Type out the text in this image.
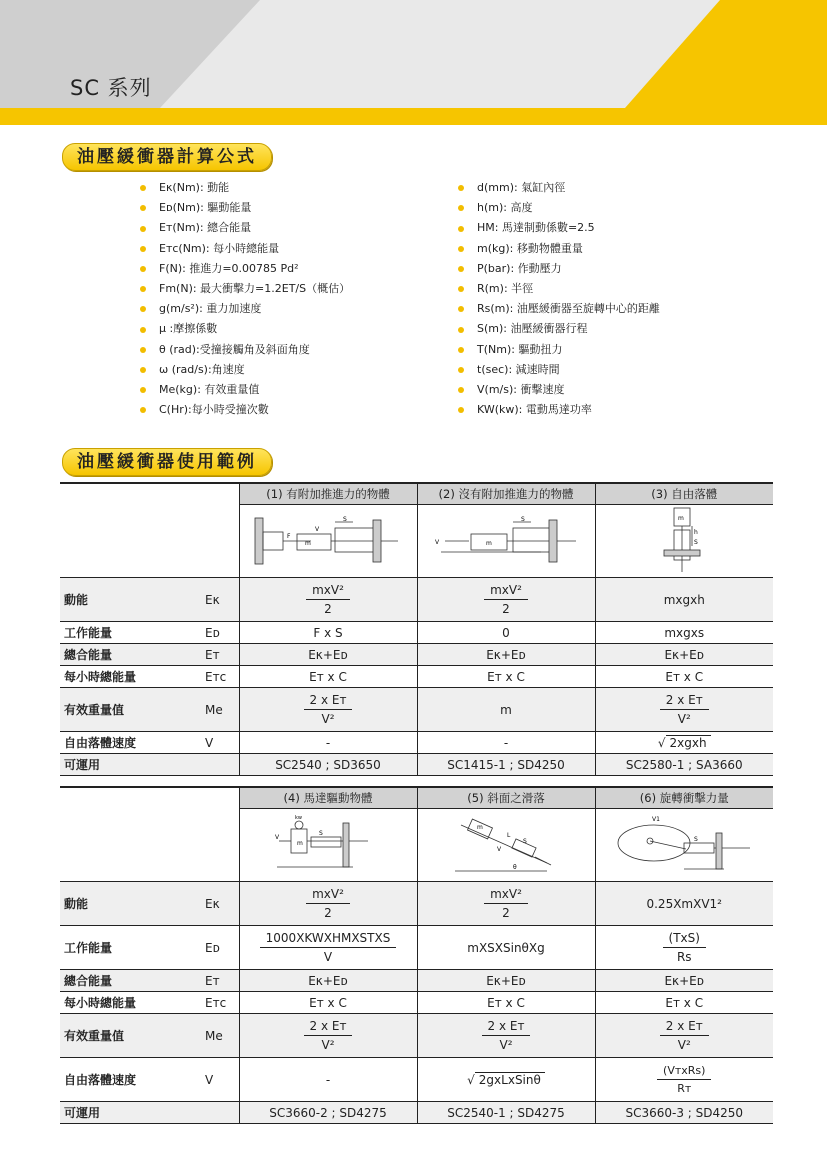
SC 系列
油壓緩衝器計算公式
Eκ(Nm): 動能
Eᴅ(Nm): 驅動能量
Eᴛ(Nm): 總合能量
Eᴛᴄ(Nm): 每小時總能量
F(N): 推進力=0.00785 Pd²
Fm(N): 最大衝擊力=1.2ET/S（概估）
g(m/s²): 重力加速度
μ :摩擦係數
θ (rad):受撞接觸角及斜面角度
ω (rad/s):角速度
Me(kg): 有效重量值
C(Hr):每小時受撞次數
d(mm): 氣缸內徑
h(m): 高度
HM: 馬達制動係數=2.5
m(kg): 移動物體重量
P(bar): 作動壓力
R(m): 半徑
Rs(m): 油壓緩衝器至旋轉中心的距離
S(m): 油壓緩衝器行程
T(Nm): 驅動扭力
t(sec): 減速時間
V(m/s): 衝擊速度
KW(kw): 電動馬達功率
油壓緩衝器使用範例
		(1) 有附加推進力的物體	(2) 沒有附加推進力的物體	(3) 自由落體

m
S
F
V	V m
S	h
S
m

動能	Eκ	$\frac{\text{mxV²}}{2}$	$\frac{\text{mxV²}}{2}$	mxgxh
工作能量	Eᴅ	F x S	0	mxgxs
總合能量	Eᴛ	Eκ+Eᴅ	Eκ+Eᴅ	Eκ+Eᴅ
每小時總能量	Eᴛᴄ	Eᴛ x C	Eᴛ x C	Eᴛ x C
有效重量值	Me	$\frac{\text{2 x Eᴛ}}{\text{V²}}$	m	$\frac{\text{2 x Eᴛ}}{\text{V²}}$

自由落體速度	V	-	-	√ 2xgxh
可運用		SC2540 ; SD3650	SC1415-1 ; SD4250	SC2580-1 ; SA3660
		(4) 馬達驅動物體	(5) 斜面之滑落	(6) 旋轉衝擊力量

kw
V
S
m	m
L
V
S
θ	V1
S

動能	Eκ	$\frac{\text{mxV²}}{2}$	$\frac{\text{mxV²}}{2}$	0.25XmXV1²
工作能量	Eᴅ	$\frac{\text{1000XKWXHMXSTXS}}{V}$	mXSXSinθXg	$\frac{\text{(TxS)}}{Rs}$

總合能量	Eᴛ	Eκ+Eᴅ	Eκ+Eᴅ	Eκ+Eᴅ
每小時總能量	Eᴛᴄ	Eᴛ x C	Eᴛ x C	Eᴛ x C
有效重量值	Me	$\frac{\text{2 x Eᴛ}}{\text{V²}}$	$\frac{\text{2 x Eᴛ}}{\text{V²}}$	$\frac{\text{2 x Eᴛ}}{\text{V²}}$

自由落體速度	V	-	√ 2gxLxSinθ	$\frac{\text{(VᴛxRs)}}{\text{Rᴛ}}$

可運用		SC3660-2 ; SD4275	SC2540-1 ; SD4275	SC3660-3 ; SD4250
